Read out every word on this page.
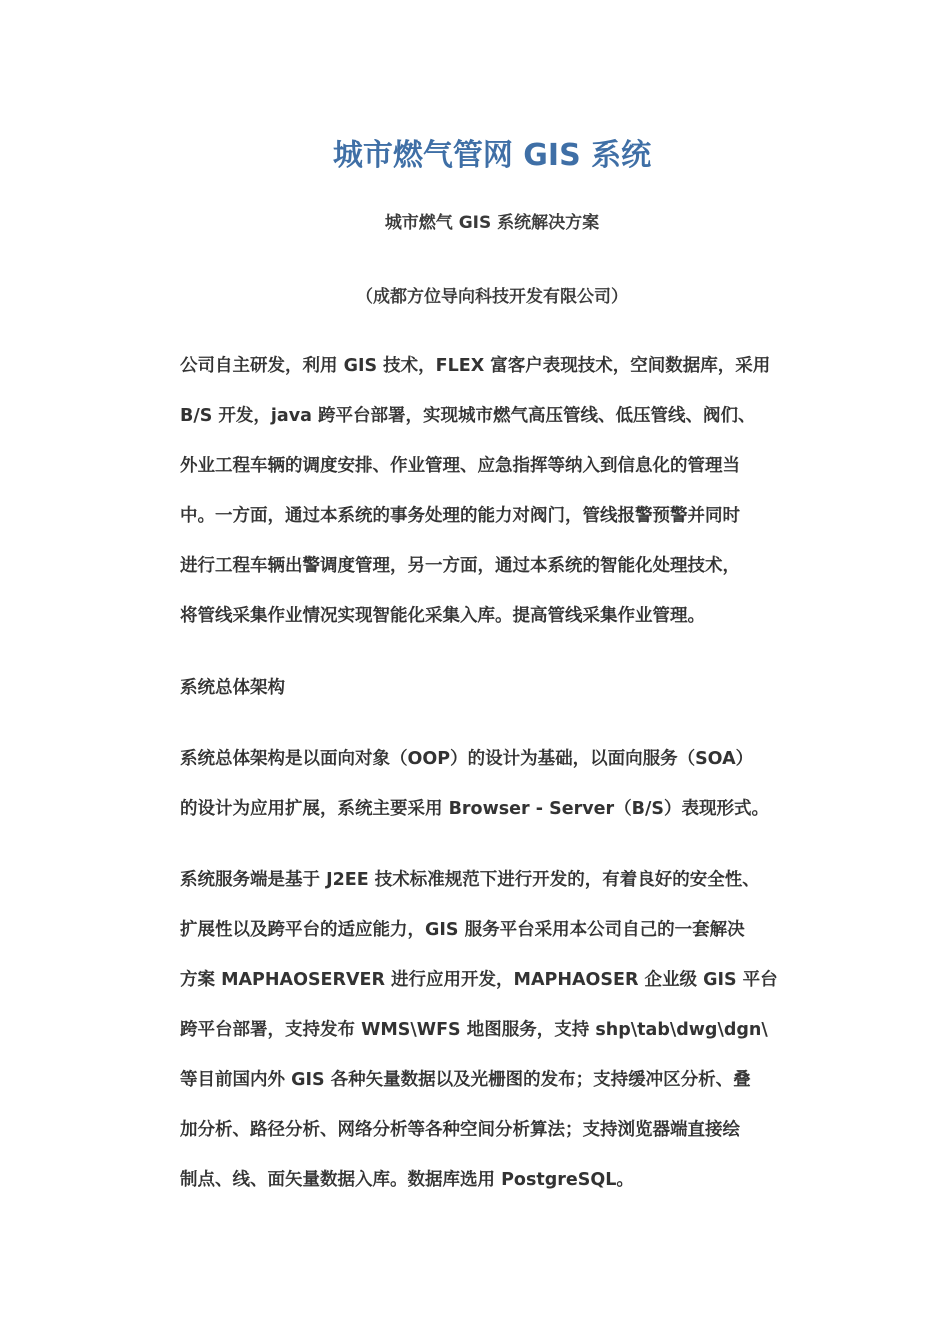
城市燃气管网 GIS 系统
城市燃气 GIS 系统解决方案
（成都方位导向科技开发有限公司）
公司自主研发，利用 GIS 技术，FLEX 富客户表现技术，空间数据库，采用
B/S 开发，java 跨平台部署，实现城市燃气高压管线、低压管线、阀们、
外业工程车辆的调度安排、作业管理、应急指挥等纳入到信息化的管理当
中。一方面，通过本系统的事务处理的能力对阀门，管线报警预警并同时
进行工程车辆出警调度管理，另一方面，通过本系统的智能化处理技术，
将管线采集作业情况实现智能化采集入库。提高管线采集作业管理。
系统总体架构
系统总体架构是以面向对象（OOP）的设计为基础，以面向服务（SOA）
的设计为应用扩展，系统主要采用 Browser - Server（B/S）表现形式。
系统服务端是基于 J2EE 技术标准规范下进行开发的，有着良好的安全性、
扩展性以及跨平台的适应能力，GIS 服务平台采用本公司自己的一套解决
方案 MAPHAOSERVER 进行应用开发，MAPHAOSER 企业级 GIS 平台
跨平台部署，支持发布 WMS\WFS 地图服务，支持 shp\tab\dwg\dgn\
等目前国内外 GIS 各种矢量数据以及光栅图的发布；支持缓冲区分析、叠
加分析、路径分析、网络分析等各种空间分析算法；支持浏览器端直接绘
制点、线、面矢量数据入库。数据库选用 PostgreSQL。
